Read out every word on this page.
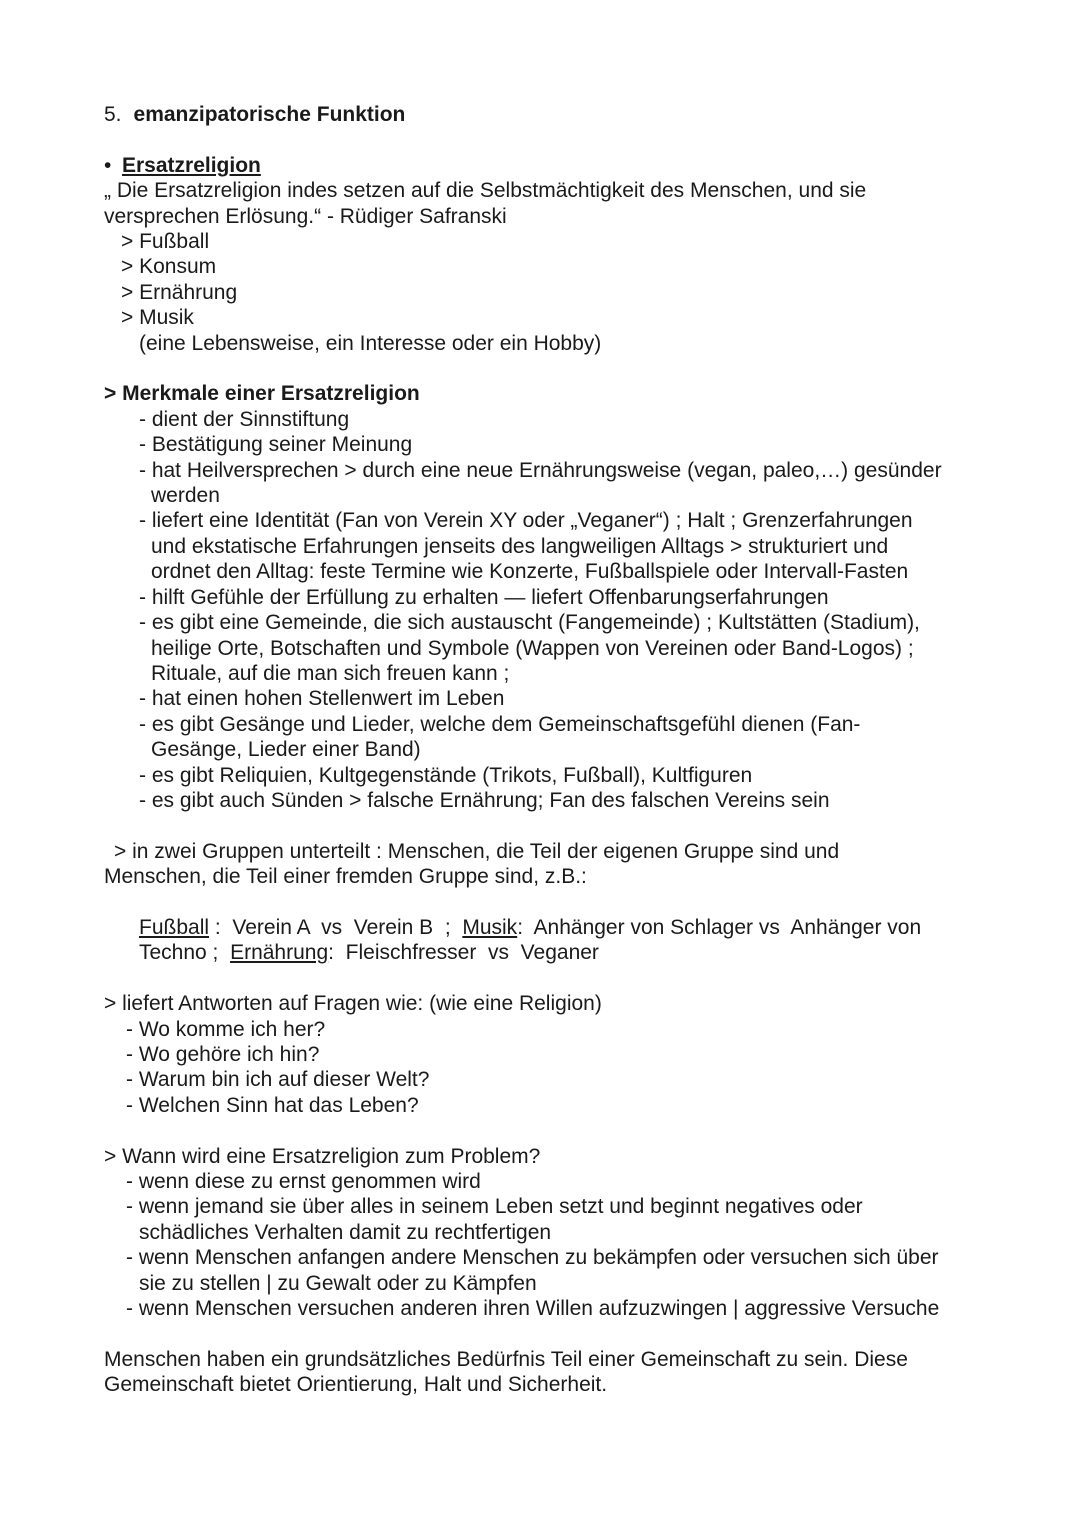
5. emanzipatorische Funktion
• Ersatzreligion
„ Die Ersatzreligion indes setzen auf die Selbstmächtigkeit des Menschen, und sie
versprechen Erlösung.“ - Rüdiger Safranski
> Fußball
> Konsum
> Ernährung
> Musik
(eine Lebensweise, ein Interesse oder ein Hobby)
> Merkmale einer Ersatzreligion
- dient der Sinnstiftung
- Bestätigung seiner Meinung
- hat Heilversprechen > durch eine neue Ernährungsweise (vegan, paleo,…) gesünder
werden
- liefert eine Identität (Fan von Verein XY oder „Veganer“) ; Halt ; Grenzerfahrungen
und ekstatische Erfahrungen jenseits des langweiligen Alltags > strukturiert und
ordnet den Alltag: feste Termine wie Konzerte, Fußballspiele oder Intervall-Fasten
- hilft Gefühle der Erfüllung zu erhalten — liefert Offenbarungserfahrungen
- es gibt eine Gemeinde, die sich austauscht (Fangemeinde) ; Kultstätten (Stadium),
heilige Orte, Botschaften und Symbole (Wappen von Vereinen oder Band-Logos) ;
Rituale, auf die man sich freuen kann ;
- hat einen hohen Stellenwert im Leben
- es gibt Gesänge und Lieder, welche dem Gemeinschaftsgefühl dienen (Fan-
Gesänge, Lieder einer Band)
- es gibt Reliquien, Kultgegenstände (Trikots, Fußball), Kultfiguren
- es gibt auch Sünden > falsche Ernährung; Fan des falschen Vereins sein
> in zwei Gruppen unterteilt : Menschen, die Teil der eigenen Gruppe sind und
Menschen, die Teil einer fremden Gruppe sind, z.B.:
Fußball :  Verein A  vs  Verein B  ;  Musik:  Anhänger von Schlager vs  Anhänger von
Techno ;  Ernährung:  Fleischfresser  vs  Veganer
> liefert Antworten auf Fragen wie: (wie eine Religion)
- Wo komme ich her?
- Wo gehöre ich hin?
- Warum bin ich auf dieser Welt?
- Welchen Sinn hat das Leben?
> Wann wird eine Ersatzreligion zum Problem?
- wenn diese zu ernst genommen wird
- wenn jemand sie über alles in seinem Leben setzt und beginnt negatives oder
schädliches Verhalten damit zu rechtfertigen
- wenn Menschen anfangen andere Menschen zu bekämpfen oder versuchen sich über
sie zu stellen | zu Gewalt oder zu Kämpfen
- wenn Menschen versuchen anderen ihren Willen aufzuzwingen | aggressive Versuche
Menschen haben ein grundsätzliches Bedürfnis Teil einer Gemeinschaft zu sein. Diese
Gemeinschaft bietet Orientierung, Halt und Sicherheit.
